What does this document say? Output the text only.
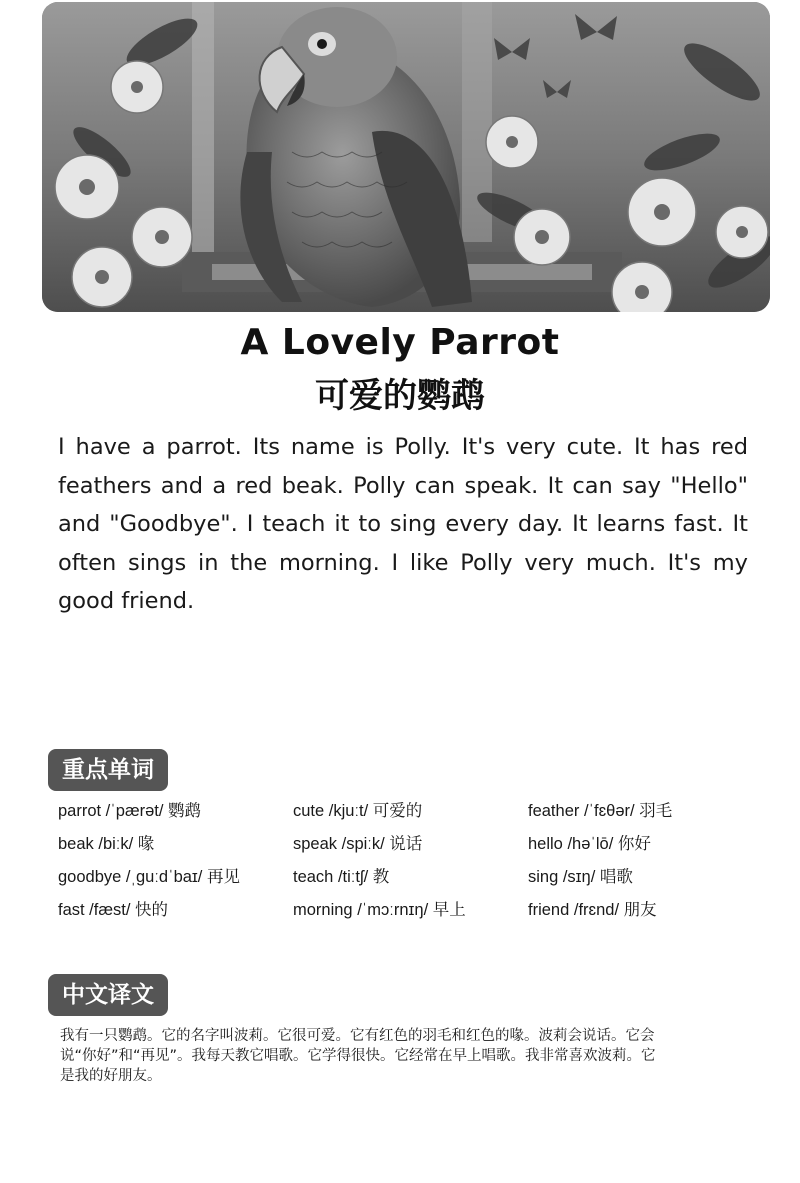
A Lovely Parrot
可爱的鹦鹉

I have a parrot. Its name is Polly. It's very cute. It has red feathers and a red beak. Polly can speak. It can say "Hello" and "Goodbye". I teach it to sing every day. It learns fast. It often sings in the morning. I like Polly very much. It's my good friend.

重点单词
parrot /ˈpærət/ 鹦鹉	cute /kjuːt/ 可爱的	feather /ˈfɛθər/ 羽毛
beak /biːk/ 喙	speak /spiːk/ 说话	hello /həˈlō/ 你好
goodbye /ˌɡuːdˈbaɪ/ 再见	teach /tiːtʃ/ 教	sing /sɪŋ/ 唱歌
fast /fæst/ 快的	morning /ˈmɔːrnɪŋ/ 早上	friend /frɛnd/ 朋友
中文译文

我有一只鹦鹉。它的名字叫波莉。它很可爱。它有红色的羽毛和红色的喙。波莉会说话。它会说“你好”和“再见”。我每天教它唱歌。它学得很快。它经常在早上唱歌。我非常喜欢波莉。它是我的好朋友。
